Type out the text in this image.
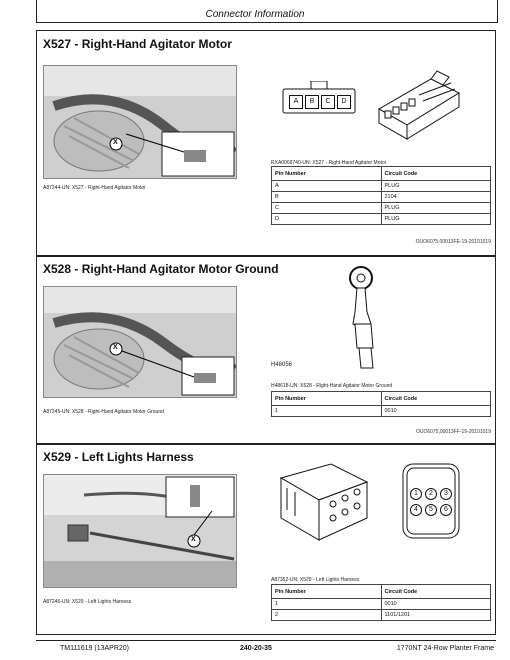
Connector Information
X527 - Right-Hand Agitator Motor
X
A87244-UN: X527 - Right-Hand Agitator Motor
A	B	C	D
RXA0069740-UN: X527 - Right-Hand Agitator Motor
Pin Number	Circuit Code
A	PLUG
B	2104
C	PLUG
D	PLUG
OUO6075,00013FE-19-20101019
X528 - Right-Hand Agitator Motor Ground
X
A87245-UN: X528 - Right-Hand Agitator Motor Ground
H48056
H48618-UN: X528 - Right-Hand Agitator Motor Ground
Pin Number	Circuit Code
1	0010
OUO6075,00013FF-19-20101019
X529 - Left Lights Harness
X
A87246-UN: X529 - Left Lights Harness
1	2	3
4	5	6
A87352-UN: X529 - Left Lights Harness
Pin Number	Circuit Code
1	0010
2	1101/1201
TM111619 (13APR20)	240-20-35	1770NT 24-Row Planter Frame
